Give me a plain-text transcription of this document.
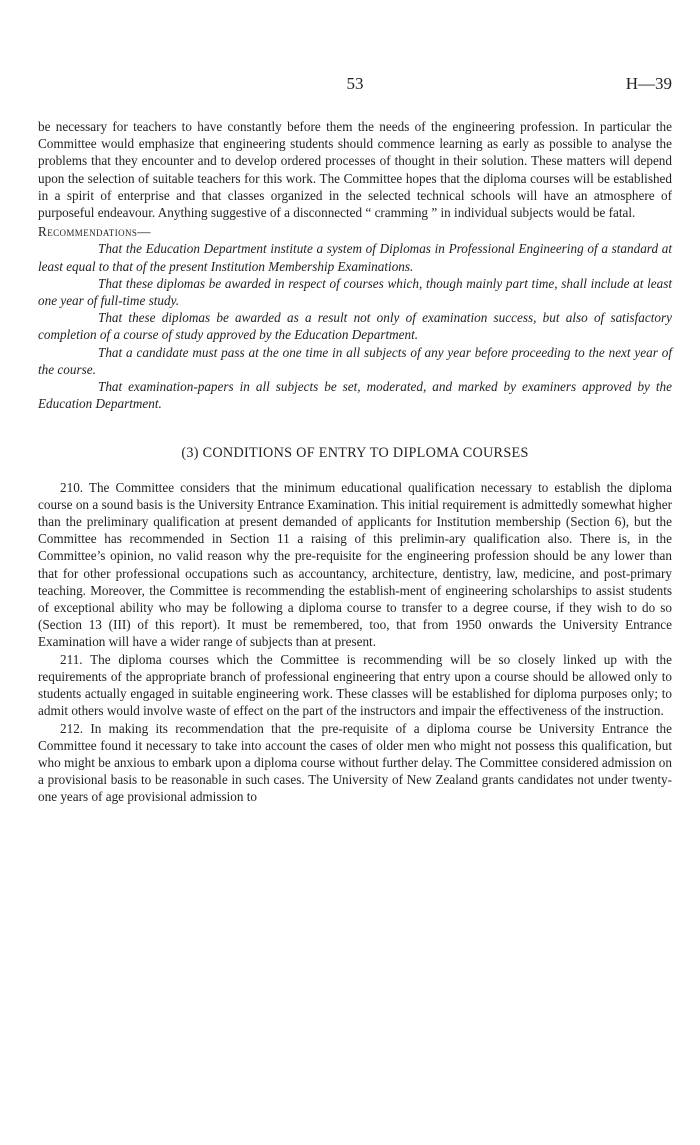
53	H—39

be necessary for teachers to have constantly before them the needs of the engineering profession. In particular the Committee would emphasize that engineering students should commence learning as early as possible to analyse the problems that they encounter and to develop ordered processes of thought in their solution. These matters will depend upon the selection of suitable teachers for this work. The Committee hopes that the diploma courses will be established in a spirit of enterprise and that classes organized in the selected technical schools will have an atmosphere of purposeful endeavour. Anything suggestive of a disconnected “ cramming ” in individual subjects would be fatal.

Recommendations—

That the Education Department institute a system of Diplomas in Professional Engineering of a standard at least equal to that of the present Institution Membership Examinations.

That these diplomas be awarded in respect of courses which, though mainly part time, shall include at least one year of full-time study.

That these diplomas be awarded as a result not only of examination success, but also of satisfactory completion of a course of study approved by the Education Department.

That a candidate must pass at the one time in all subjects of any year before proceeding to the next year of the course.

That examination-papers in all subjects be set, moderated, and marked by examiners approved by the Education Department.

(3) CONDITIONS OF ENTRY TO DIPLOMA COURSES

210. The Committee considers that the minimum educational qualification necessary to establish the diploma course on a sound basis is the University Entrance Examination. This initial requirement is admittedly somewhat higher than the preliminary qualification at present demanded of applicants for Institution membership (Section 6), but the Committee has recommended in Section 11 a raising of this prelimin-ary qualification also. There is, in the Committee’s opinion, no valid reason why the pre-requisite for the engineering profession should be any lower than that for other professional occupations such as accountancy, architecture, dentistry, law, medicine, and post-primary teaching. Moreover, the Committee is recommending the establish-ment of engineering scholarships to assist students of exceptional ability who may be following a diploma course to transfer to a degree course, if they wish to do so (Section 13 (III) of this report). It must be remembered, too, that from 1950 onwards the University Entrance Examination will have a wider range of subjects than at present.

211. The diploma courses which the Committee is recommending will be so closely linked up with the requirements of the appropriate branch of professional engineering that entry upon a course should be allowed only to students actually engaged in suitable engineering work. These classes will be established for diploma purposes only; to admit others would involve waste of effect on the part of the instructors and impair the effectiveness of the instruction.

212. In making its recommendation that the pre-requisite of a diploma course be University Entrance the Committee found it necessary to take into account the cases of older men who might not possess this qualification, but who might be anxious to embark upon a diploma course without further delay. The Committee considered admission on a provisional basis to be reasonable in such cases. The University of New Zealand grants candidates not under twenty-one years of age provisional admission to
